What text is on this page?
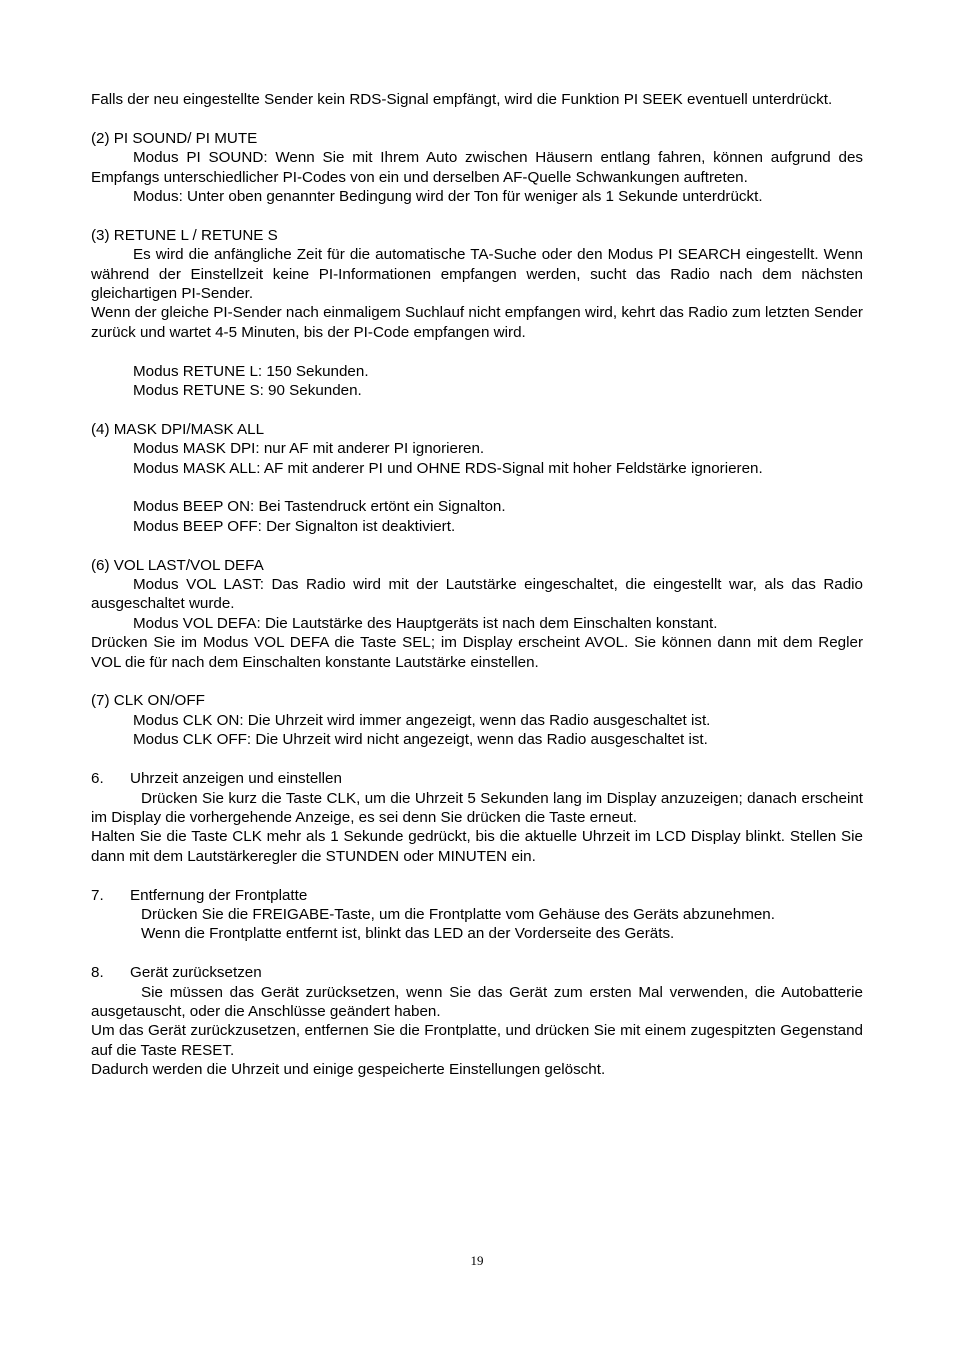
Falls der neu eingestellte Sender kein RDS-Signal empfängt, wird die Funktion PI SEEK eventuell unterdrückt.

(2) PI SOUND/ PI MUTE

Modus PI SOUND: Wenn Sie mit Ihrem Auto zwischen Häusern entlang fahren, können aufgrund des Empfangs unterschiedlicher PI-Codes von ein und derselben AF-Quelle Schwankungen auftreten.

Modus: Unter oben genannter Bedingung wird der Ton für weniger als 1 Sekunde unterdrückt.

(3) RETUNE L / RETUNE S

Es wird die anfängliche Zeit für die automatische TA-Suche oder den Modus PI SEARCH eingestellt. Wenn während der Einstellzeit keine PI-Informationen empfangen werden, sucht das Radio nach dem nächsten gleichartigen PI-Sender.

Wenn der gleiche PI-Sender nach einmaligem Suchlauf nicht empfangen wird, kehrt das Radio zum letzten Sender zurück und wartet 4-5 Minuten, bis der PI-Code empfangen wird.

Modus RETUNE L: 150 Sekunden.

Modus RETUNE S: 90 Sekunden.

(4) MASK DPI/MASK ALL

Modus MASK DPI: nur AF mit anderer PI ignorieren.

Modus MASK ALL: AF mit anderer PI und OHNE RDS-Signal mit hoher Feldstärke ignorieren.

Modus BEEP ON: Bei Tastendruck ertönt ein Signalton.

Modus BEEP OFF: Der Signalton ist deaktiviert.

(6) VOL LAST/VOL DEFA

Modus VOL LAST: Das Radio wird mit der Lautstärke eingeschaltet, die eingestellt war, als das Radio ausgeschaltet wurde.

Modus VOL DEFA: Die Lautstärke des Hauptgeräts ist nach dem Einschalten konstant.

Drücken Sie im Modus VOL DEFA die Taste SEL; im Display erscheint AVOL. Sie können dann mit dem Regler VOL die für nach dem Einschalten konstante Lautstärke einstellen.

(7) CLK ON/OFF

Modus CLK ON: Die Uhrzeit wird immer angezeigt, wenn das Radio ausgeschaltet ist.

Modus CLK OFF: Die Uhrzeit wird nicht angezeigt, wenn das Radio ausgeschaltet ist.

6. Uhrzeit anzeigen und einstellen

Drücken Sie kurz die Taste CLK, um die Uhrzeit 5 Sekunden lang im Display anzuzeigen; danach erscheint im Display die vorhergehende Anzeige, es sei denn Sie drücken die Taste erneut.

Halten Sie die Taste CLK mehr als 1 Sekunde gedrückt, bis die aktuelle Uhrzeit im LCD Display blinkt. Stellen Sie dann mit dem Lautstärkeregler die STUNDEN oder MINUTEN ein.

7. Entfernung der Frontplatte

Drücken Sie die FREIGABE-Taste, um die Frontplatte vom Gehäuse des Geräts abzunehmen.

Wenn die Frontplatte entfernt ist, blinkt das LED an der Vorderseite des Geräts.

8. Gerät zurücksetzen

Sie müssen das Gerät zurücksetzen, wenn Sie das Gerät zum ersten Mal verwenden, die Autobatterie ausgetauscht, oder die Anschlüsse geändert haben.

Um das Gerät zurückzusetzen, entfernen Sie die Frontplatte, und drücken Sie mit einem zugespitzten Gegenstand auf die Taste RESET.

Dadurch werden die Uhrzeit und einige gespeicherte Einstellungen gelöscht.

19
